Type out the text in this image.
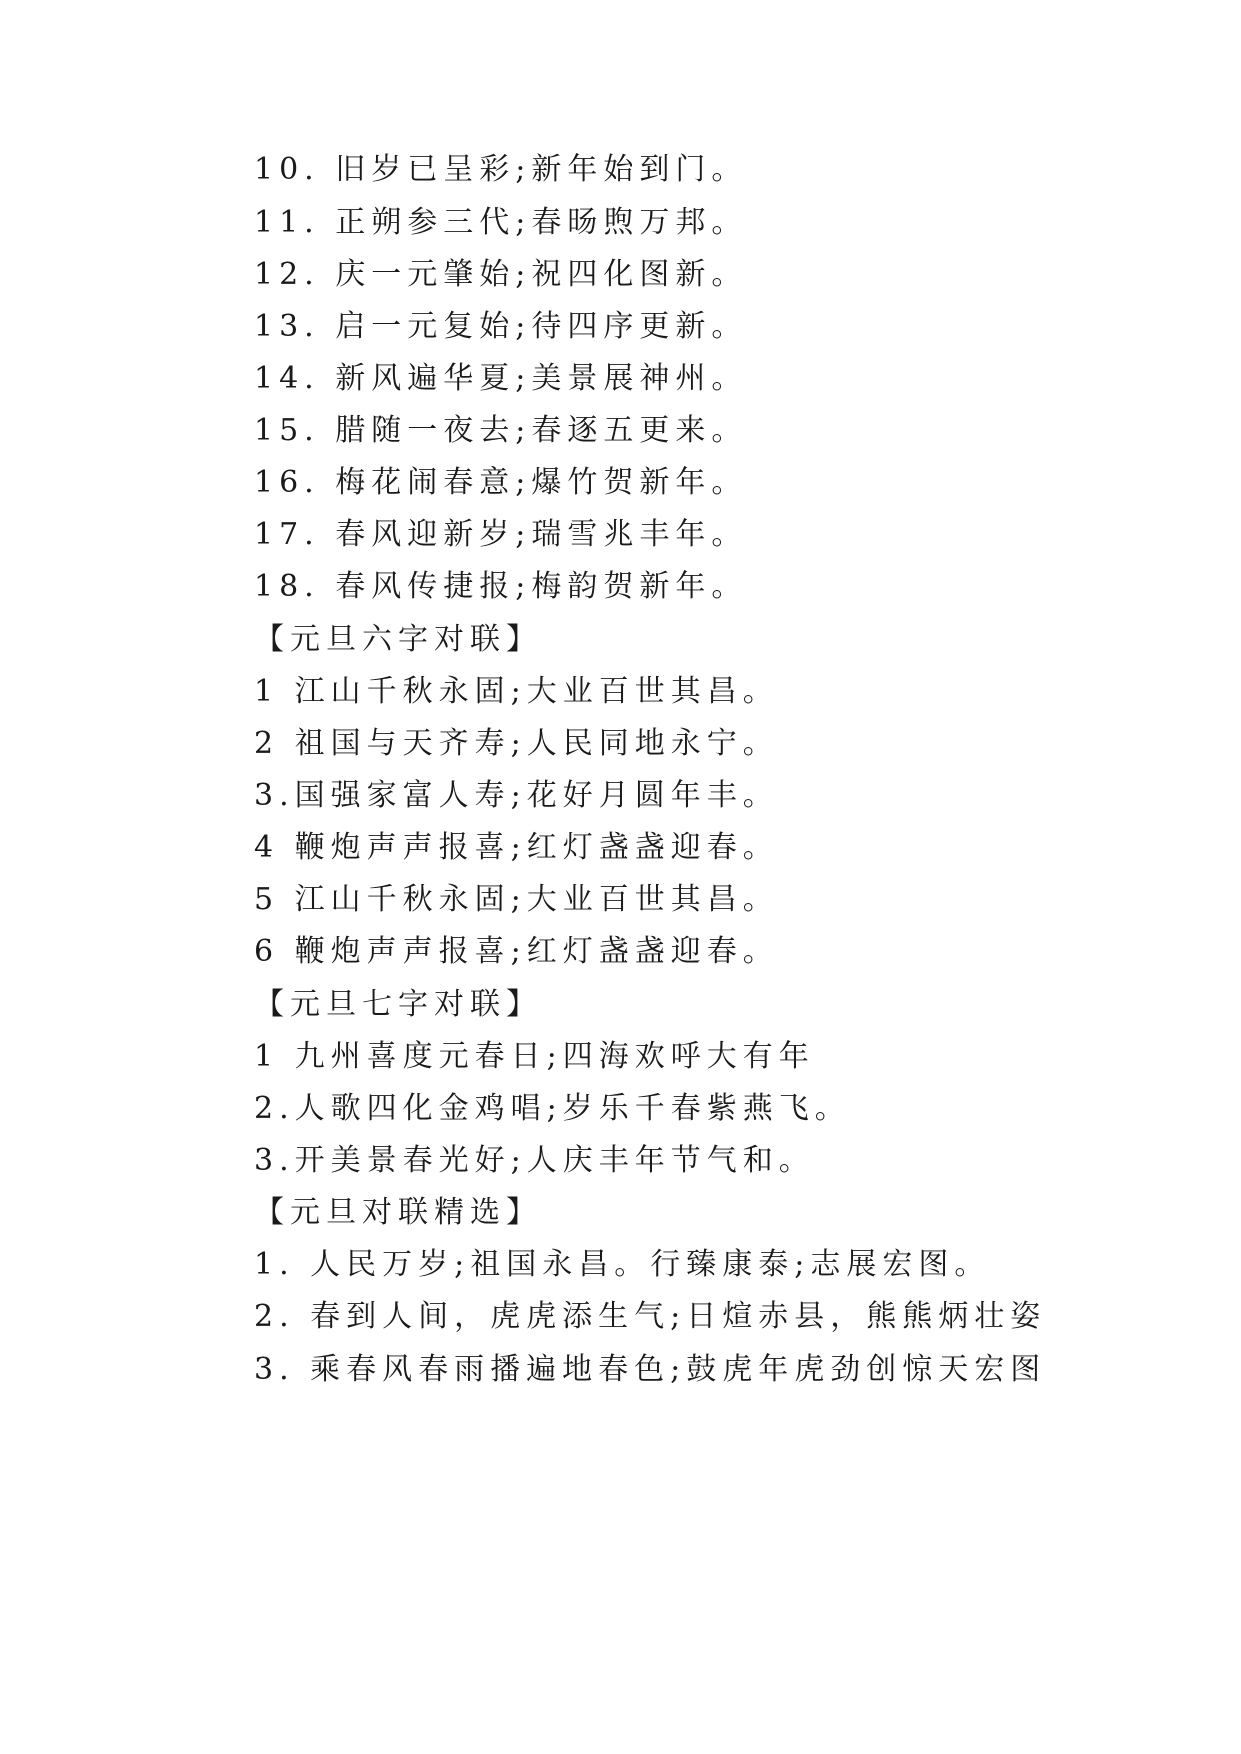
10. 旧岁已呈彩;新年始到门。
11. 正朔参三代;春旸煦万邦。
12. 庆一元肇始;祝四化图新。
13. 启一元复始;待四序更新。
14. 新风遍华夏;美景展神州。
15. 腊随一夜去;春逐五更来。
16. 梅花闹春意;爆竹贺新年。
17. 春风迎新岁;瑞雪兆丰年。
18. 春风传捷报;梅韵贺新年。
【元旦六字对联】
1 江山千秋永固;大业百世其昌。
2 祖国与天齐寿;人民同地永宁。
3.国强家富人寿;花好月圆年丰。
4 鞭炮声声报喜;红灯盏盏迎春。
5 江山千秋永固;大业百世其昌。
6 鞭炮声声报喜;红灯盏盏迎春。
【元旦七字对联】
1 九州喜度元春日;四海欢呼大有年
2.人歌四化金鸡唱;岁乐千春紫燕飞。
3.开美景春光好;人庆丰年节气和。
【元旦对联精选】
1. 人民万岁;祖国永昌。行臻康泰;志展宏图。
2. 春到人间，虎虎添生气;日煊赤县，熊熊炳壮姿
3. 乘春风春雨播遍地春色;鼓虎年虎劲创惊天宏图
